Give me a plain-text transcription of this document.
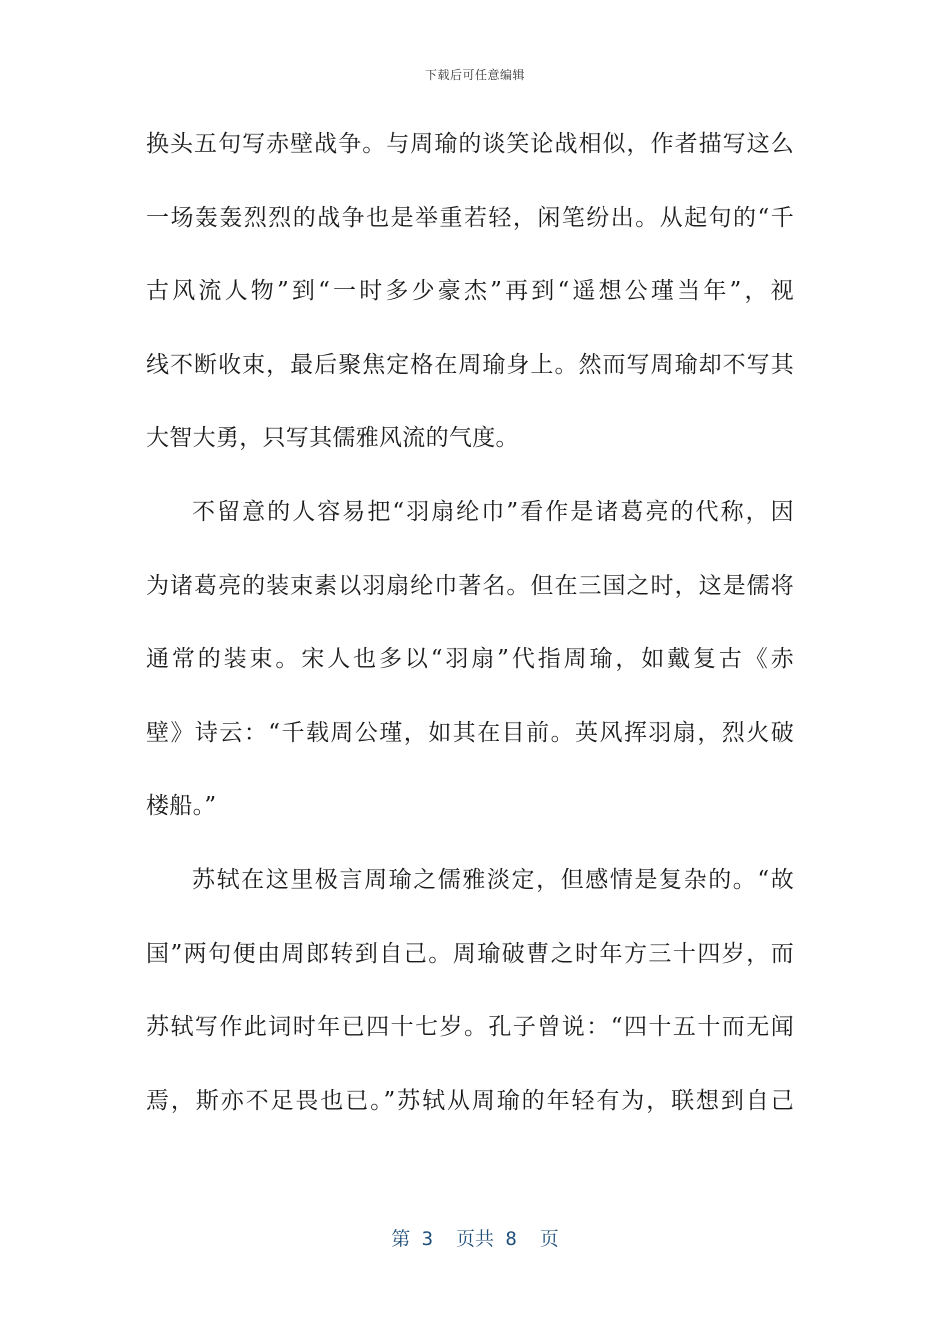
下载后可任意编辑
换头五句写赤壁战争。与周瑜的谈笑论战相似，作者描写这么
一场轰轰烈烈的战争也是举重若轻，闲笔纷出。从起句的“千
古风流人物”到“一时多少豪杰”再到“遥想公瑾当年”，视
线不断收束，最后聚焦定格在周瑜身上。然而写周瑜却不写其
大智大勇，只写其儒雅风流的气度。
不留意的人容易把“羽扇纶巾”看作是诸葛亮的代称，因
为诸葛亮的装束素以羽扇纶巾著名。但在三国之时，这是儒将
通常的装束。宋人也多以“羽扇”代指周瑜，如戴复古《赤
壁》诗云：“千载周公瑾，如其在目前。英风挥羽扇，烈火破
楼船。”
苏轼在这里极言周瑜之儒雅淡定，但感情是复杂的。“故
国”两句便由周郎转到自己。周瑜破曹之时年方三十四岁，而
苏轼写作此词时年已四十七岁。孔子曾说：“四十五十而无闻
焉，斯亦不足畏也已。”苏轼从周瑜的年轻有为，联想到自己
第 3  页共 8  页
